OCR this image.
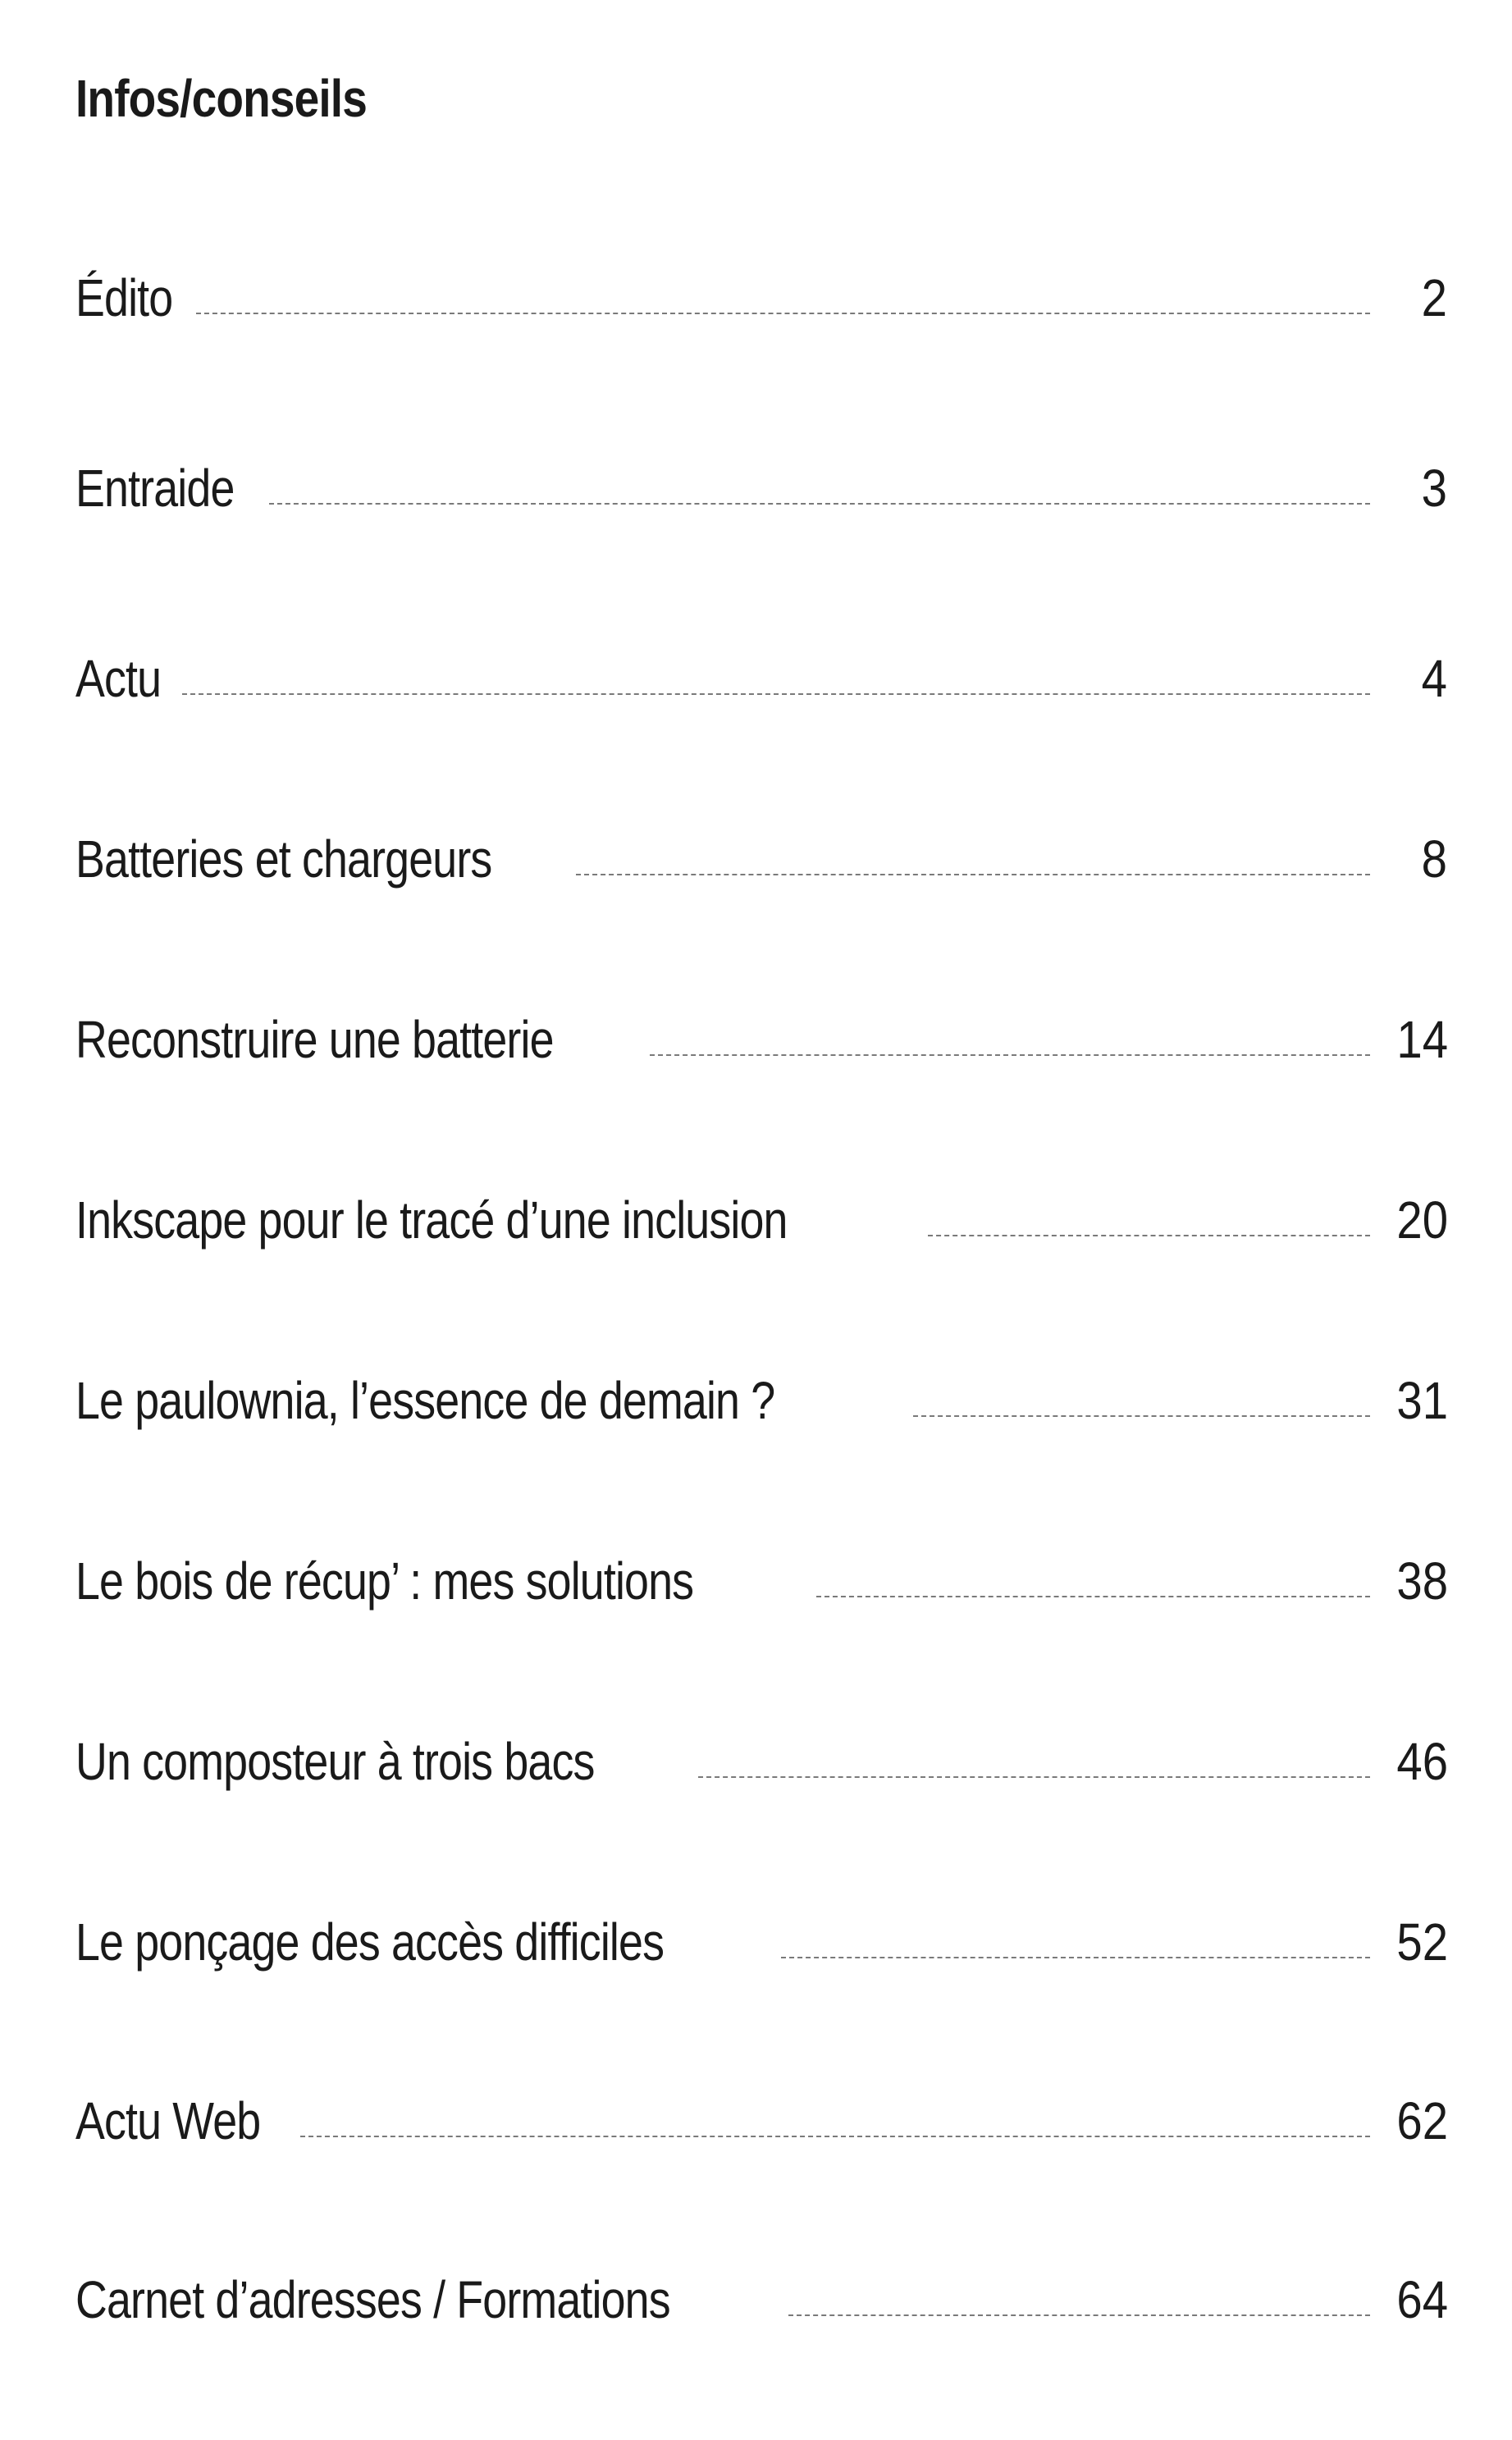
Infos/conseils
Édito	2
Entraide	3
Actu	4
Batteries et chargeurs	8
Reconstruire une batterie	14
Inkscape pour le tracé d’une inclusion	20
Le paulownia, l’essence de demain ?	31
Le bois de récup’ : mes solutions	38
Un composteur à trois bacs	46
Le ponçage des accès difficiles	52
Actu Web	62
Carnet d’adresses / Formations	64
